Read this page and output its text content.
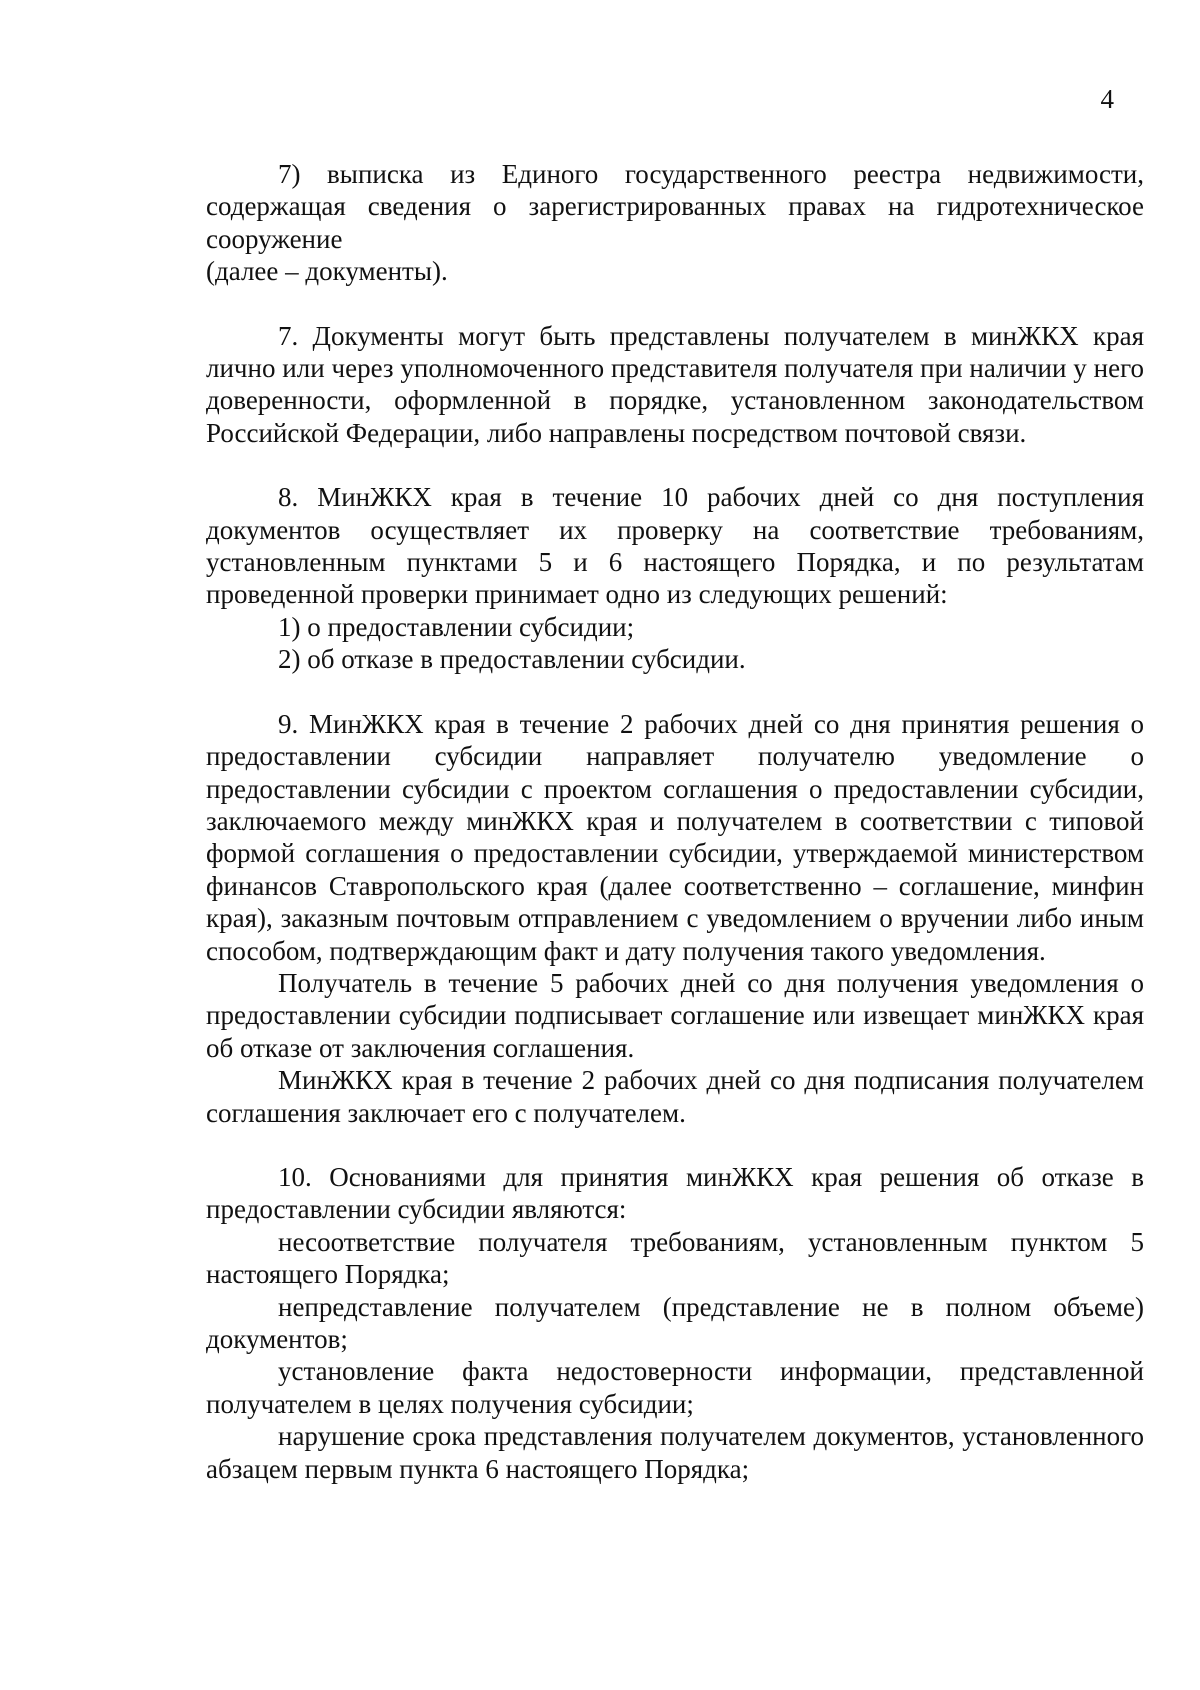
4

7) выписка из Единого государственного реестра недвижимости, содержащая сведения о зарегистрированных правах на гидротехническое сооружение

(далее – документы).

7. Документы могут быть представлены получателем в минЖКХ края лично или через уполномоченного представителя получателя при наличии у него доверенности, оформленной в порядке, установленном законодательством Российской Федерации, либо направлены посредством почтовой связи.

8. МинЖКХ края в течение 10 рабочих дней со дня поступления документов осуществляет их проверку на соответствие требованиям, установленным пунктами 5 и 6 настоящего Порядка, и по результатам проведенной проверки принимает одно из следующих решений:

1) о предоставлении субсидии;

2) об отказе в предоставлении субсидии.

9. МинЖКХ края в течение 2 рабочих дней со дня принятия решения о предоставлении субсидии направляет получателю уведомление о предоставлении субсидии с проектом соглашения о предоставлении субсидии, заключаемого между минЖКХ края и получателем в соответствии с типовой формой соглашения о предоставлении субсидии, утверждаемой министерством финансов Ставропольского края (далее соответственно – соглашение, минфин края), заказным почтовым отправлением с уведомлением о вручении либо иным способом, подтверждающим факт и дату получения такого уведомления.

Получатель в течение 5 рабочих дней со дня получения уведомления о предоставлении субсидии подписывает соглашение или извещает минЖКХ края об отказе от заключения соглашения.

МинЖКХ края в течение 2 рабочих дней со дня подписания получателем соглашения заключает его с получателем.

10. Основаниями для принятия минЖКХ края решения об отказе в предоставлении субсидии являются:

несоответствие получателя требованиям, установленным пунктом 5 настоящего Порядка;

непредставление получателем (представление не в полном объеме) документов;

установление факта недостоверности информации, представленной получателем в целях получения субсидии;

нарушение срока представления получателем документов, установленного абзацем первым пункта 6 настоящего Порядка;
